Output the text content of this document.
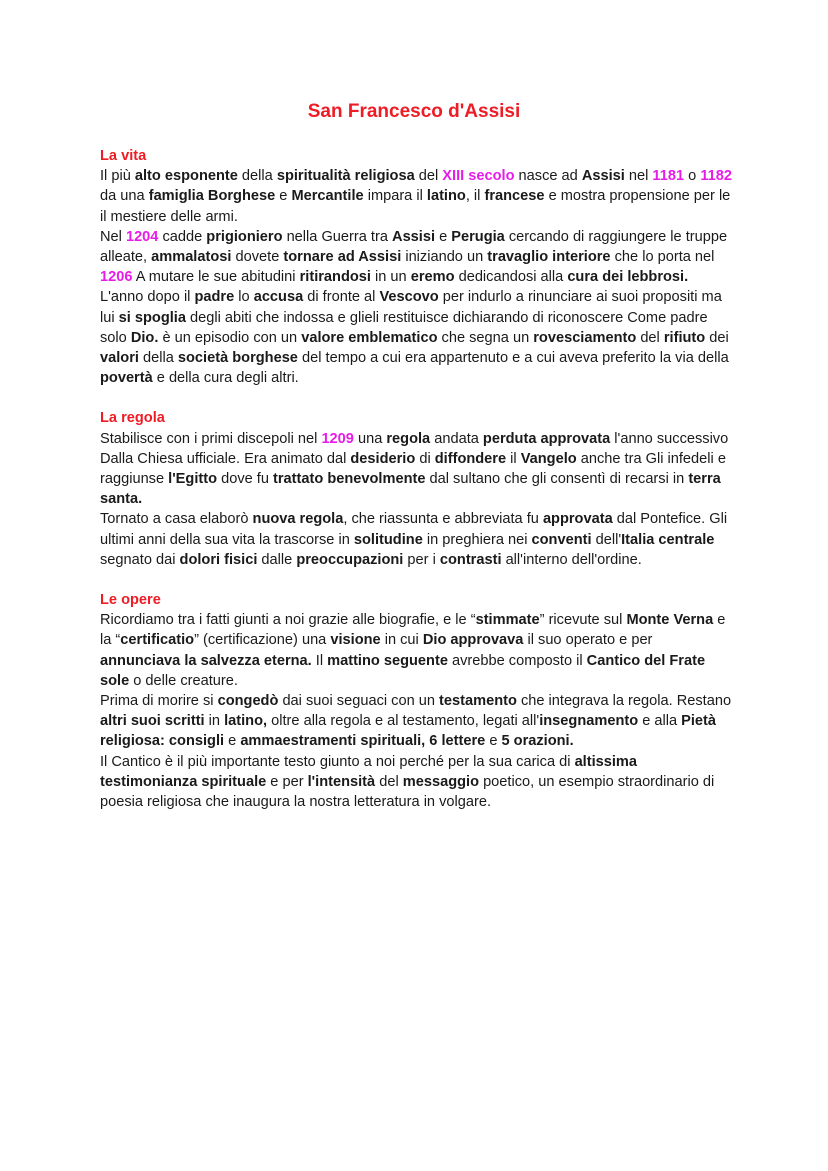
San Francesco d'Assisi
La vita

Il più alto esponente della spiritualità religiosa del XIII secolo nasce ad Assisi nel 1181 o 1182 da una famiglia Borghese e Mercantile impara il latino, il francese e mostra propensione per le il mestiere delle armi.

Nel 1204 cadde prigioniero nella Guerra tra Assisi e Perugia cercando di raggiungere le truppe alleate, ammalatosi dovete tornare ad Assisi iniziando un travaglio interiore che lo porta nel 1206 A mutare le sue abitudini ritirandosi in un eremo dedicandosi alla cura dei lebbrosi.

L'anno dopo il padre lo accusa di fronte al Vescovo per indurlo a rinunciare ai suoi propositi ma lui si spoglia degli abiti che indossa e glieli restituisce dichiarando di riconoscere Come padre solo Dio. è un episodio con un valore emblematico che segna un rovesciamento del rifiuto dei valori della società borghese del tempo a cui era appartenuto e a cui aveva preferito la via della povertà e della cura degli altri.

La regola

Stabilisce con i primi discepoli nel 1209 una regola andata perduta approvata l'anno successivo Dalla Chiesa ufficiale. Era animato dal desiderio di diffondere il Vangelo anche tra Gli infedeli e raggiunse l'Egitto dove fu trattato benevolmente dal sultano che gli consentì di recarsi in terra santa.

Tornato a casa elaborò nuova regola, che riassunta e abbreviata fu approvata dal Pontefice. Gli ultimi anni della sua vita la trascorse in solitudine in preghiera nei conventi dell'Italia centrale segnato dai dolori fisici dalle preoccupazioni per i contrasti all'interno dell'ordine.

Le opere

Ricordiamo tra i fatti giunti a noi grazie alle biografie, e le “stimmate” ricevute sul Monte Verna e la “certificatio” (certificazione) una visione in cui Dio approvava il suo operato e per annunciava la salvezza eterna. Il mattino seguente avrebbe composto il Cantico del Frate sole o delle creature.

Prima di morire si congedò dai suoi seguaci con un testamento che integrava la regola. Restano altri suoi scritti in latino, oltre alla regola e al testamento, legati all'insegnamento e alla Pietà religiosa: consigli e ammaestramenti spirituali, 6 lettere e 5 orazioni.

Il Cantico è il più importante testo giunto a noi perché per la sua carica di altissima testimonianza spirituale e per l'intensità del messaggio poetico, un esempio straordinario di poesia religiosa che inaugura la nostra letteratura in volgare.
